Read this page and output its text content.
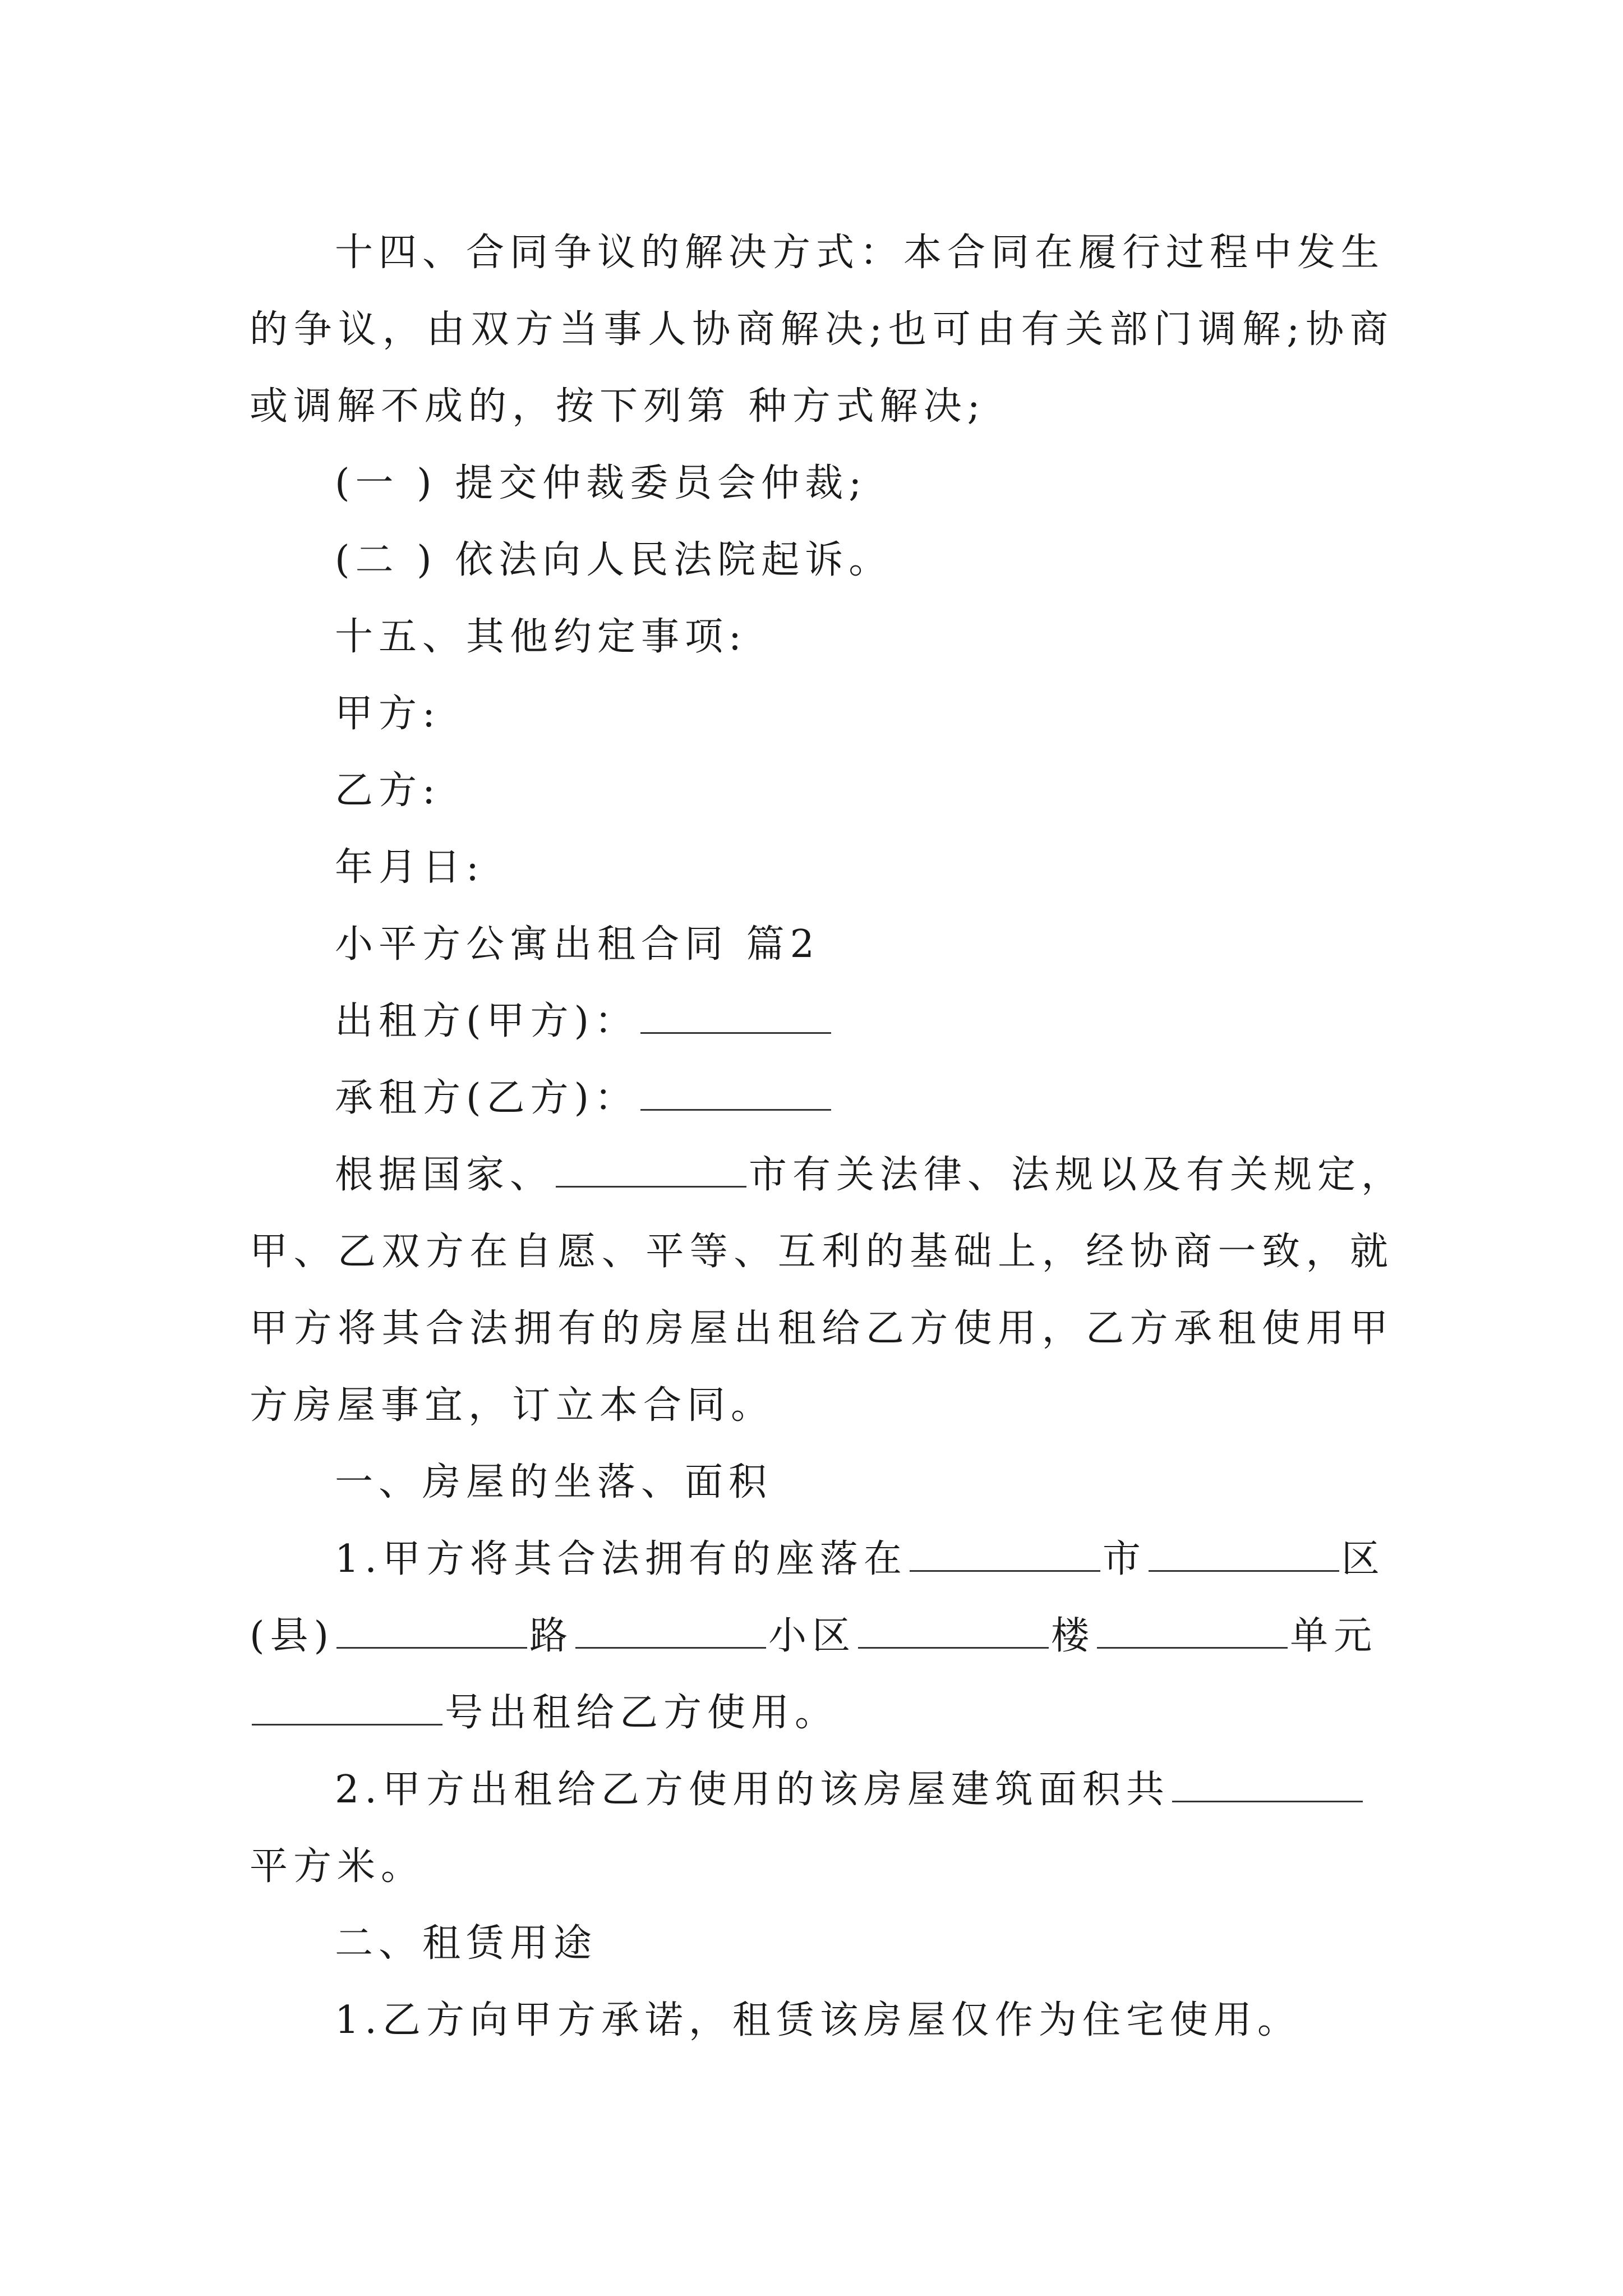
十四、合同争议的解决方式：本合同在履行过程中发生
的争议，由双方当事人协商解决;也可由有关部门调解;协商
或调解不成的，按下列第 种方式解决;
(一 ) 提交仲裁委员会仲裁;
(二 ) 依法向人民法院起诉。
十五、其他约定事项:
甲方:
乙方:
年月日:
小平方公寓出租合同 篇2
出租方(甲方)：
承租方(乙方)：
根据国家、	市有关法律、法规以及有关规定，
甲、乙双方在自愿、平等、互利的基础上，经协商一致，就
甲方将其合法拥有的房屋出租给乙方使用，乙方承租使用甲
方房屋事宜，订立本合同。
一、房屋的坐落、面积
1.甲方将其合法拥有的座落在	市	区
(县)	路	小区	楼	单元
号出租给乙方使用。
2.甲方出租给乙方使用的该房屋建筑面积共
平方米。
二、租赁用途
1.乙方向甲方承诺，租赁该房屋仅作为住宅使用。
